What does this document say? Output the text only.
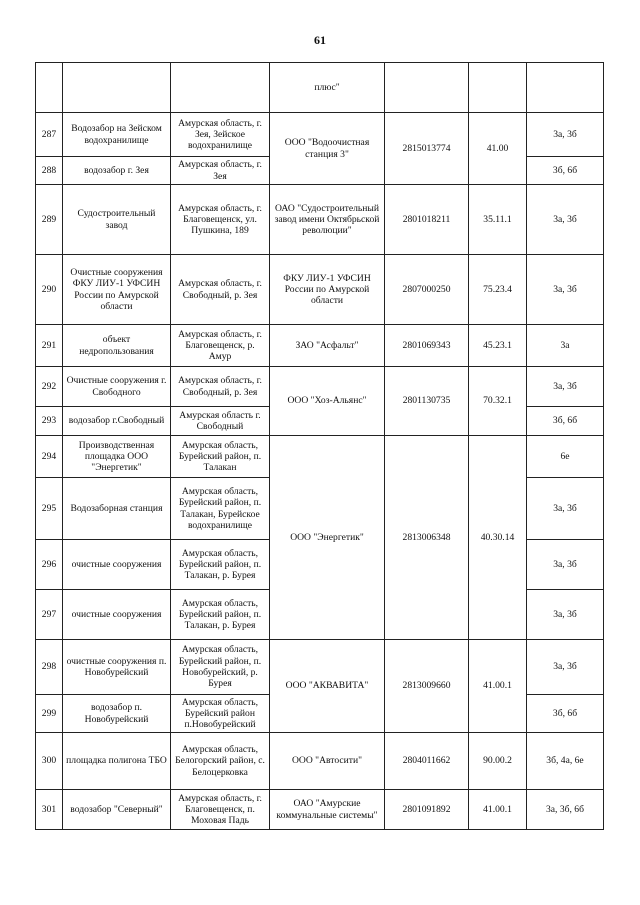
61
			плюс"			
287	Водозабор на Зейском водохранилище	Амурская область, г. Зея, Зейское водохранилище	ООО "Водоочистная станция 3"	2815013774	41.00	3а, 3б
288	водозабор г. Зея	Амурская область, г. Зея				3б, 6б
289	Судостроительный завод	Амурская область, г. Благовещенск, ул. Пушкина, 189	ОАО "Судостроительный завод имени Октябрьской революции"	2801018211	35.11.1	3а, 3б
290	Очистные сооружения ФКУ ЛИУ-1 УФСИН России по Амурской области	Амурская область, г. Свободный, р. Зея	ФКУ ЛИУ-1 УФСИН России по Амурской области	2807000250	75.23.4	3а, 3б
291	объект недропользования	Амурская область, г. Благовещенск, р. Амур	ЗАО "Асфальт"	2801069343	45.23.1	3а
292	Очистные сооружения г. Свободного	Амурская область, г. Свободный, р. Зея	ООО "Хоз-Альянс"	2801130735	70.32.1	3а, 3б
293	водозабор г.Свободный	Амурская область г. Свободный				3б, 6б
294	Производственная площадка ООО "Энергетик"	Амурская область, Бурейский район, п. Талакан	ООО "Энергетик"	2813006348	40.30.14	6е
295	Водозаборная станция	Амурская область, Бурейский район, п. Талакан, Бурейское водохранилище				3а, 3б
296	очистные сооружения	Амурская область, Бурейский район, п. Талакан, р. Бурея				3а, 3б
297	очистные сооружения	Амурская область, Бурейский район, п. Талакан, р. Бурея				3а, 3б
298	очистные сооружения п. Новобурейский	Амурская область, Бурейский район, п. Новобурейский, р. Бурея	ООО "АКВАВИТА"	2813009660	41.00.1	3а, 3б
299	водозабор п. Новобурейский	Амурская область, Бурейский район п.Новобурейский				3б, 6б
300	площадка полигона ТБО	Амурская область, Белогорский район, с. Белоцерковка	ООО "Автосити"	2804011662	90.00.2	3б, 4а, 6е
301	водозабор "Северный"	Амурская область, г. Благовещенск, п. Моховая Падь	ОАО "Амурские коммунальные системы"	2801091892	41.00.1	3а, 3б, 6б
